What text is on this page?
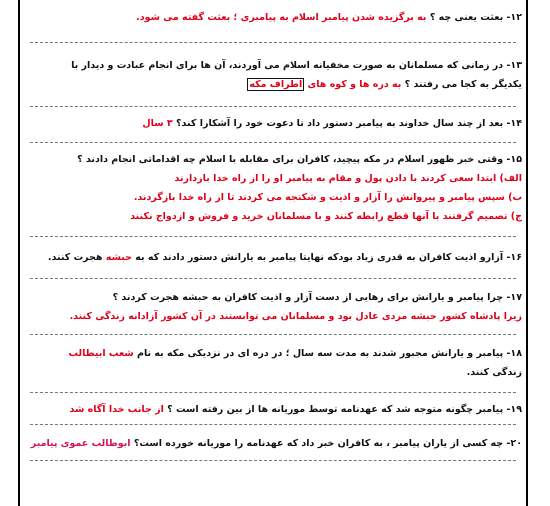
۱۲- بعثت یعنی چه ؟ به برگزیده شدن پیامبر اسلام به پیامبری ؛ بعثت گفته می شود.
۱۳- در زمانی که مسلمانان به صورت مخفیانه اسلام می آوردند، آن ها برای انجام عبادت و دیدار با
یکدیگر به کجا می رفتند ؟ به دره ها و کوه های اطراف مکه
۱۴- بعد از چند سال خداوند به پیامبر دستور داد تا دعوت خود را آشکارا کند؟ ۳ سال
۱۵- وقتی خبر ظهور اسلام در مکه پیچید، کافران برای مقابله با اسلام چه اقداماتی انجام دادند ؟
الف) ابتدا سعی کردند با دادن پول و مقام به پیامبر او را از راه خدا بازدارند
ب) سپس پیامبر و پیروانش را آزار و اذیت و شکنجه می کردند تا از راه خدا بازگردند.
ج) تصمیم گرفتند با آنها قطع رابطه کنند و با مسلمانان خرید و فروش و ازدواج نکنند
۱۶- آزارو اذیت کافران به قدری زیاد بودکه نهایتا پیامبر به یارانش دستور دادند که به حبشه هجرت کنند.
۱۷- چرا پیامبر و یارانش برای رهایی از دست آزار و اذیت کافران به حبشه هجرت کردند ؟
زیرا پادشاه کشور حبشه مردی عادل بود و مسلمانان می توانستند در آن کشور آزادانه زندگی کنند.
۱۸- پیامبر و یارانش مجبور شدند به مدت سه سال ؛ در دره ای در نزدیکی مکه به نام شعب ابیطالب
زندگی کنند.
۱۹- پیامبر چگونه متوجه شد که عهدنامه توسط موریانه ها از بین رفته است ؟ از جانب خدا آگاه شد
۲۰- چه کسی از یاران پیامبر ، به کافران خبر داد که عهدنامه را موریانه خورده است؟ ابوطالب عموی پیامبر
